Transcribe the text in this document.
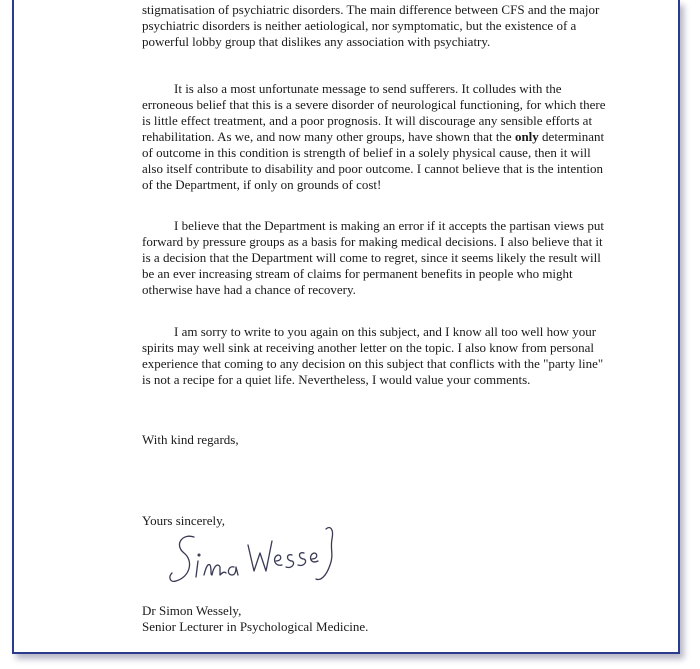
stigmatisation of psychiatric disorders. The main difference between CFS and the major
psychiatric disorders is neither aetiological, nor symptomatic, but the existence of a
powerful lobby group that dislikes any association with psychiatry.
It is also a most unfortunate message to send sufferers. It colludes with the
erroneous belief that this is a severe disorder of neurological functioning, for which there
is little effect treatment, and a poor prognosis. It will discourage any sensible efforts at
rehabilitation. As we, and now many other groups, have shown that the only determinant
of outcome in this condition is strength of belief in a solely physical cause, then it will
also itself contribute to disability and poor outcome. I cannot believe that is the intention
of the Department, if only on grounds of cost!
I believe that the Department is making an error if it accepts the partisan views put
forward by pressure groups as a basis for making medical decisions. I also believe that it
is a decision that the Department will come to regret, since it seems likely the result will
be an ever increasing stream of claims for permanent benefits in people who might
otherwise have had a chance of recovery.
I am sorry to write to you again on this subject, and I know all too well how your
spirits may well sink at receiving another letter on the topic. I also know from personal
experience that coming to any decision on this subject that conflicts with the "party line"
is not a recipe for a quiet life. Nevertheless, I would value your comments.
With kind regards,
Yours sincerely,
Dr Simon Wessely,
Senior Lecturer in Psychological Medicine.
